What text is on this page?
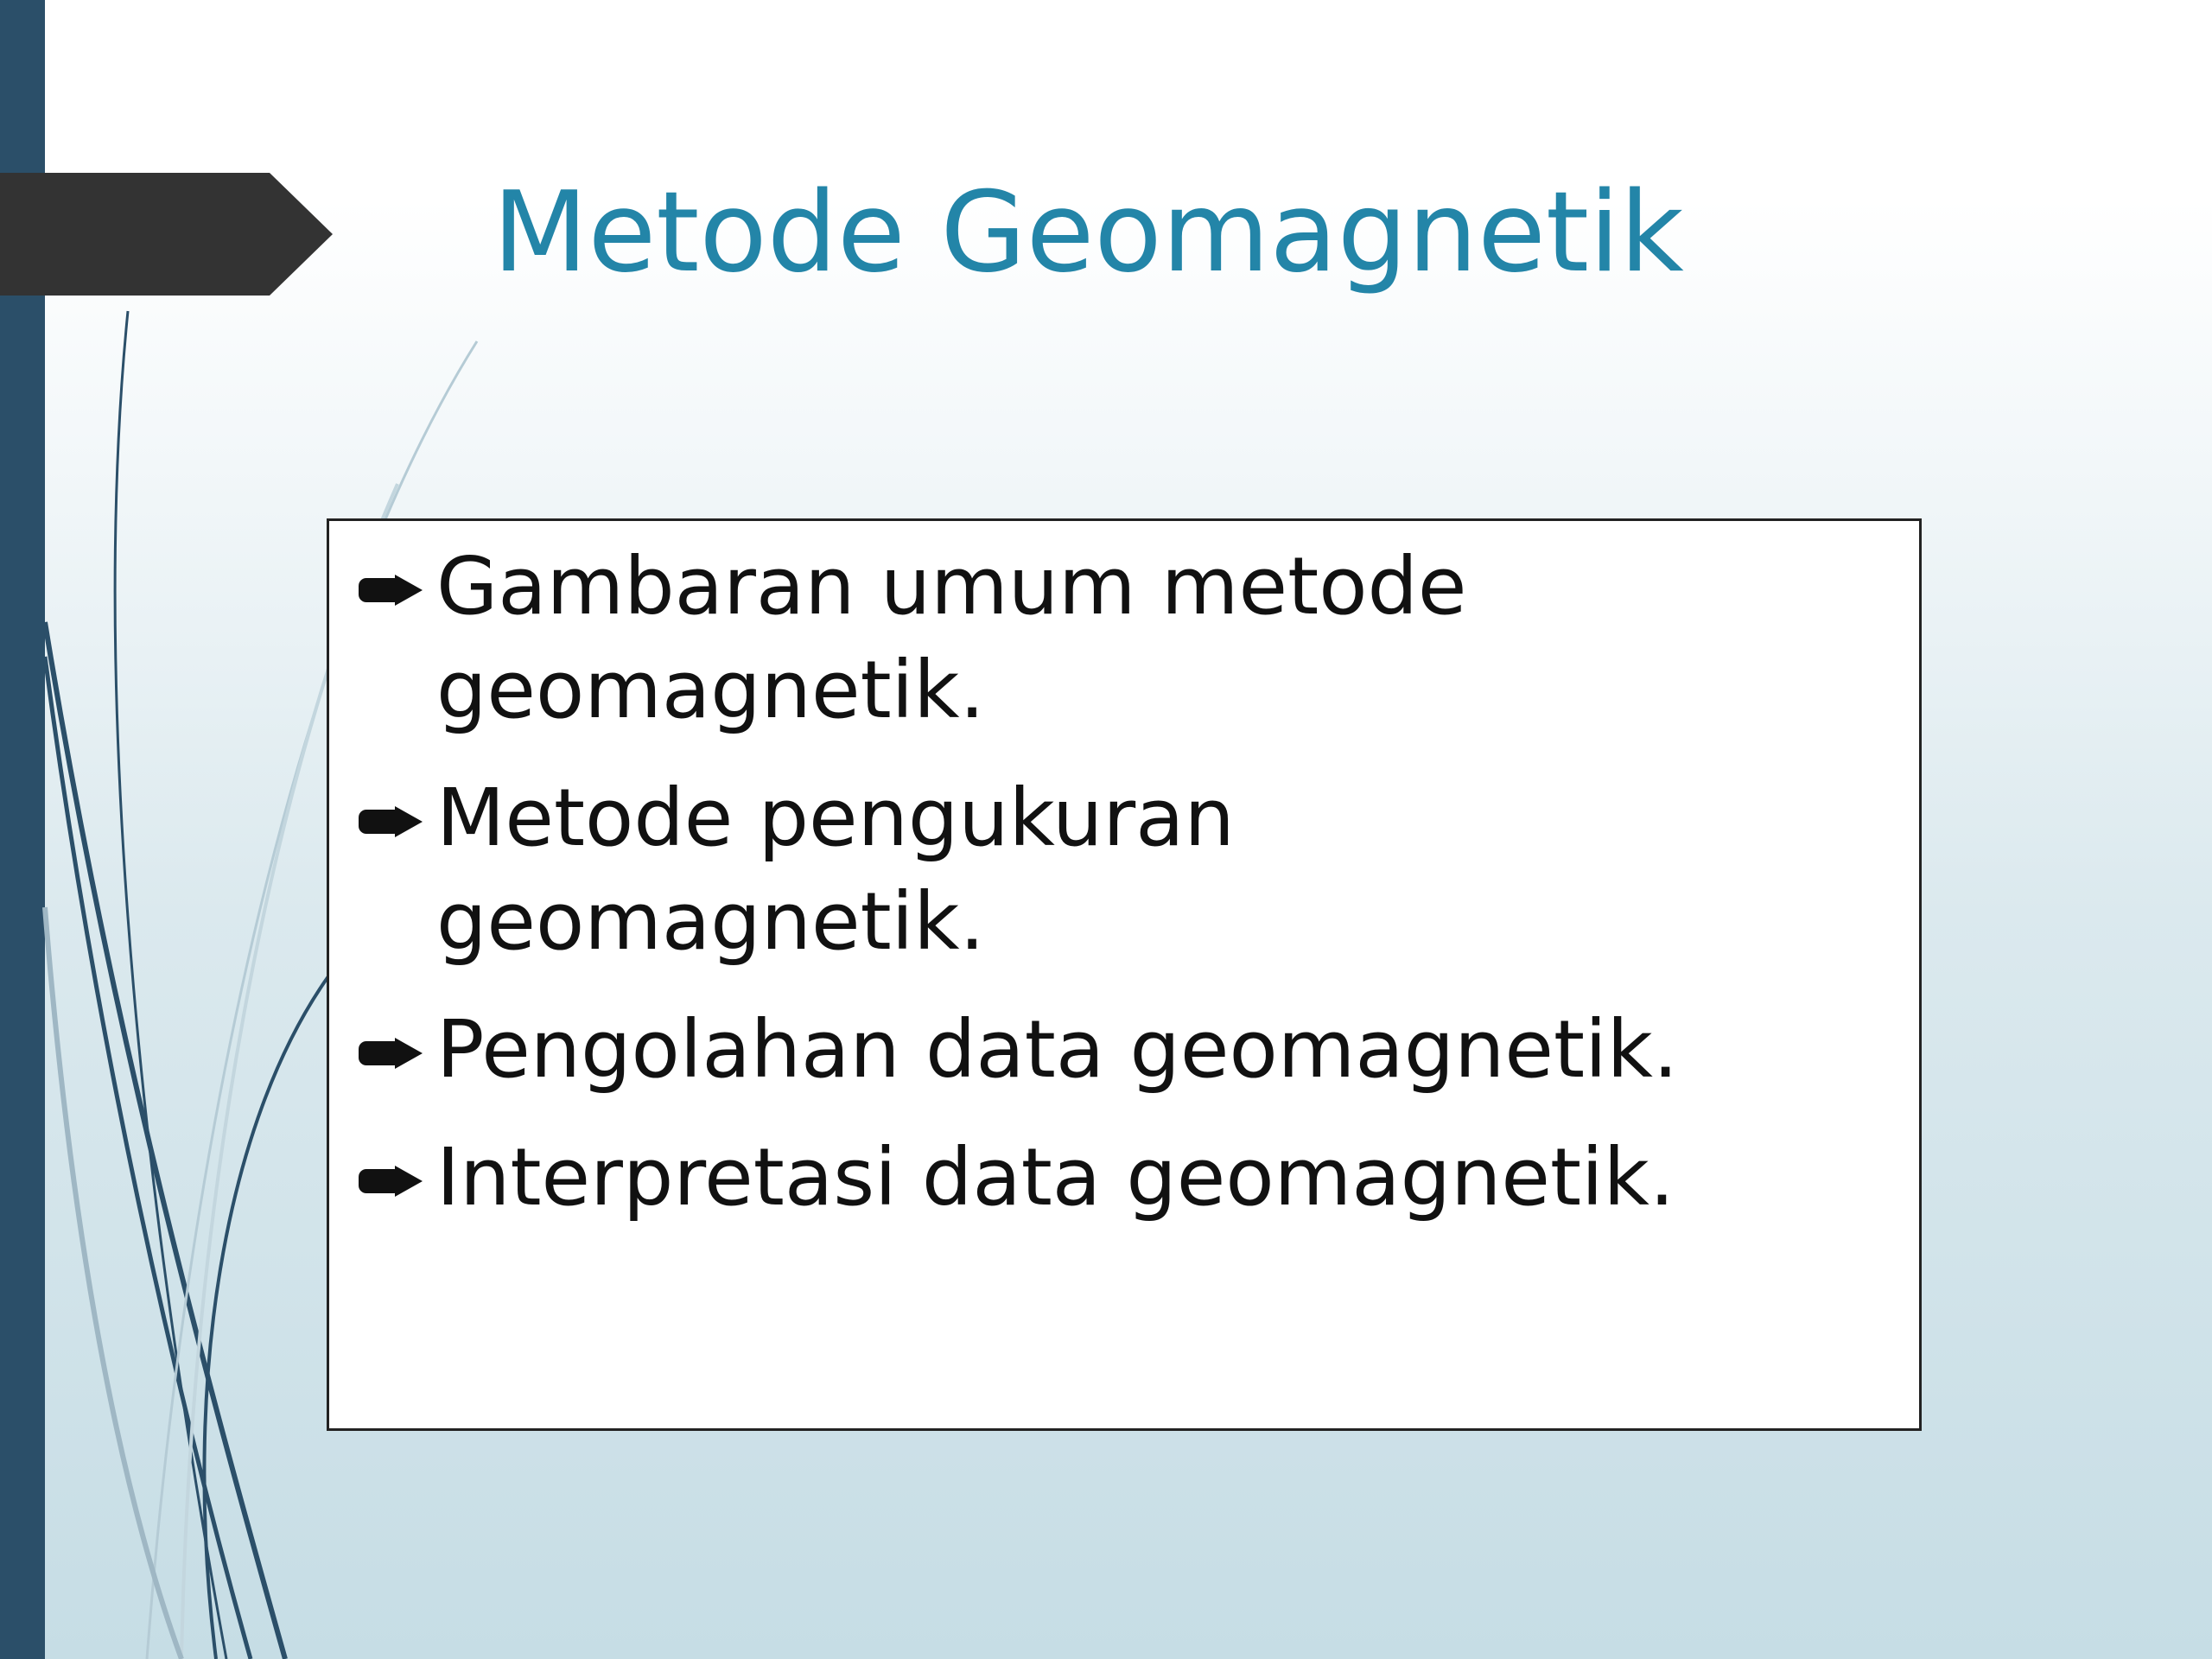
Metode Geomagnetik
Gambaran umum metode geomagnetik.
Metode pengukuran geomagnetik.
Pengolahan data geomagnetik.
Interpretasi data geomagnetik.
